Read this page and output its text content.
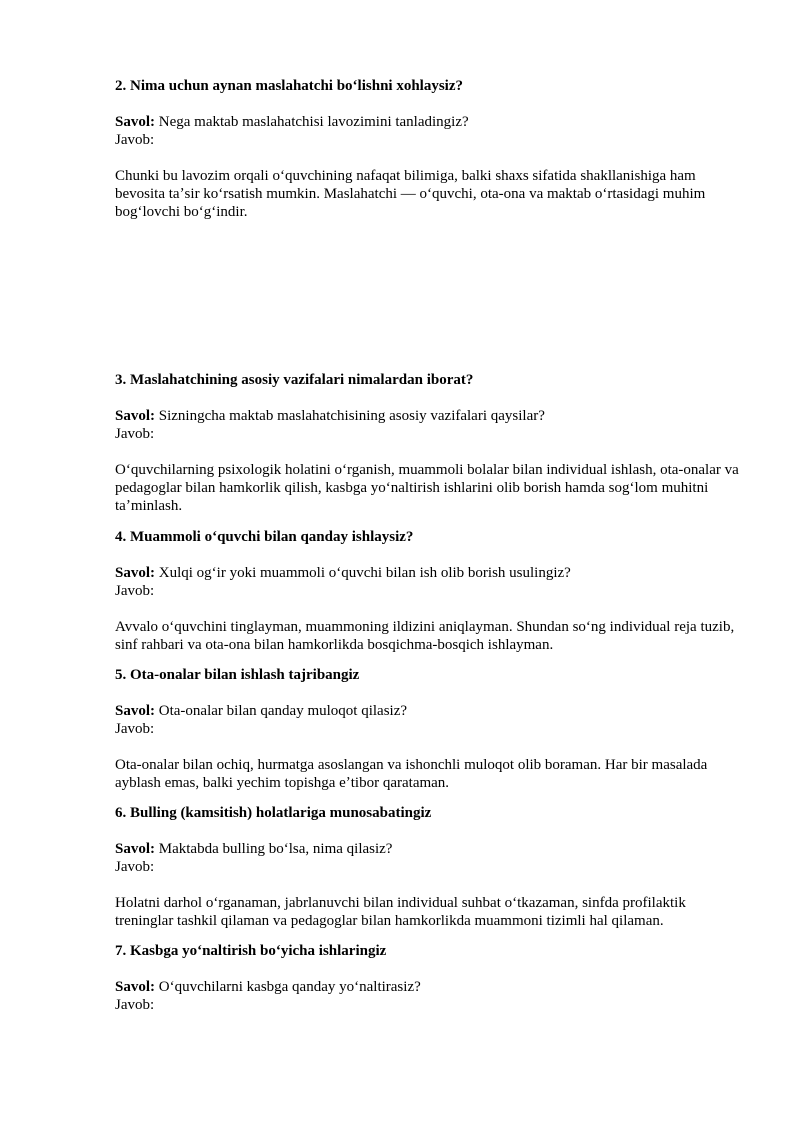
2. Nima uchun aynan maslahatchi boʻlishni xohlaysiz?

Savol: Nega maktab maslahatchisi lavozimini tanladingiz?

Javob:

Chunki bu lavozim orqali oʻquvchining nafaqat bilimiga, balki shaxs sifatida shakllanishiga ham bevosita taʼsir koʻrsatish mumkin. Maslahatchi — oʻquvchi, ota-ona va maktab oʻrtasidagi muhim bogʻlovchi boʻgʻindir.

3. Maslahatchining asosiy vazifalari nimalardan iborat?

Savol: Sizningcha maktab maslahatchisining asosiy vazifalari qaysilar?

Javob:

Oʻquvchilarning psixologik holatini oʻrganish, muammoli bolalar bilan individual ishlash, ota-onalar va pedagoglar bilan hamkorlik qilish, kasbga yoʻnaltirish ishlarini olib borish hamda sogʻlom muhitni taʼminlash.

4. Muammoli oʻquvchi bilan qanday ishlaysiz?

Savol: Xulqi ogʻir yoki muammoli oʻquvchi bilan ish olib borish usulingiz?

Javob:

Avvalo oʻquvchini tinglayman, muammoning ildizini aniqlayman. Shundan soʻng individual reja tuzib, sinf rahbari va ota-ona bilan hamkorlikda bosqichma-bosqich ishlayman.

5. Ota-onalar bilan ishlash tajribangiz

Savol: Ota-onalar bilan qanday muloqot qilasiz?

Javob:

Ota-onalar bilan ochiq, hurmatga asoslangan va ishonchli muloqot olib boraman. Har bir masalada ayblash emas, balki yechim topishga eʼtibor qarataman.

6. Bulling (kamsitish) holatlariga munosabatingiz

Savol: Maktabda bulling boʻlsa, nima qilasiz?

Javob:

Holatni darhol oʻrganaman, jabrlanuvchi bilan individual suhbat oʻtkazaman, sinfda profilaktik treninglar tashkil qilaman va pedagoglar bilan hamkorlikda muammoni tizimli hal qilaman.

7. Kasbga yoʻnaltirish boʻyicha ishlaringiz

Savol: Oʻquvchilarni kasbga qanday yoʻnaltirasiz?

Javob:
